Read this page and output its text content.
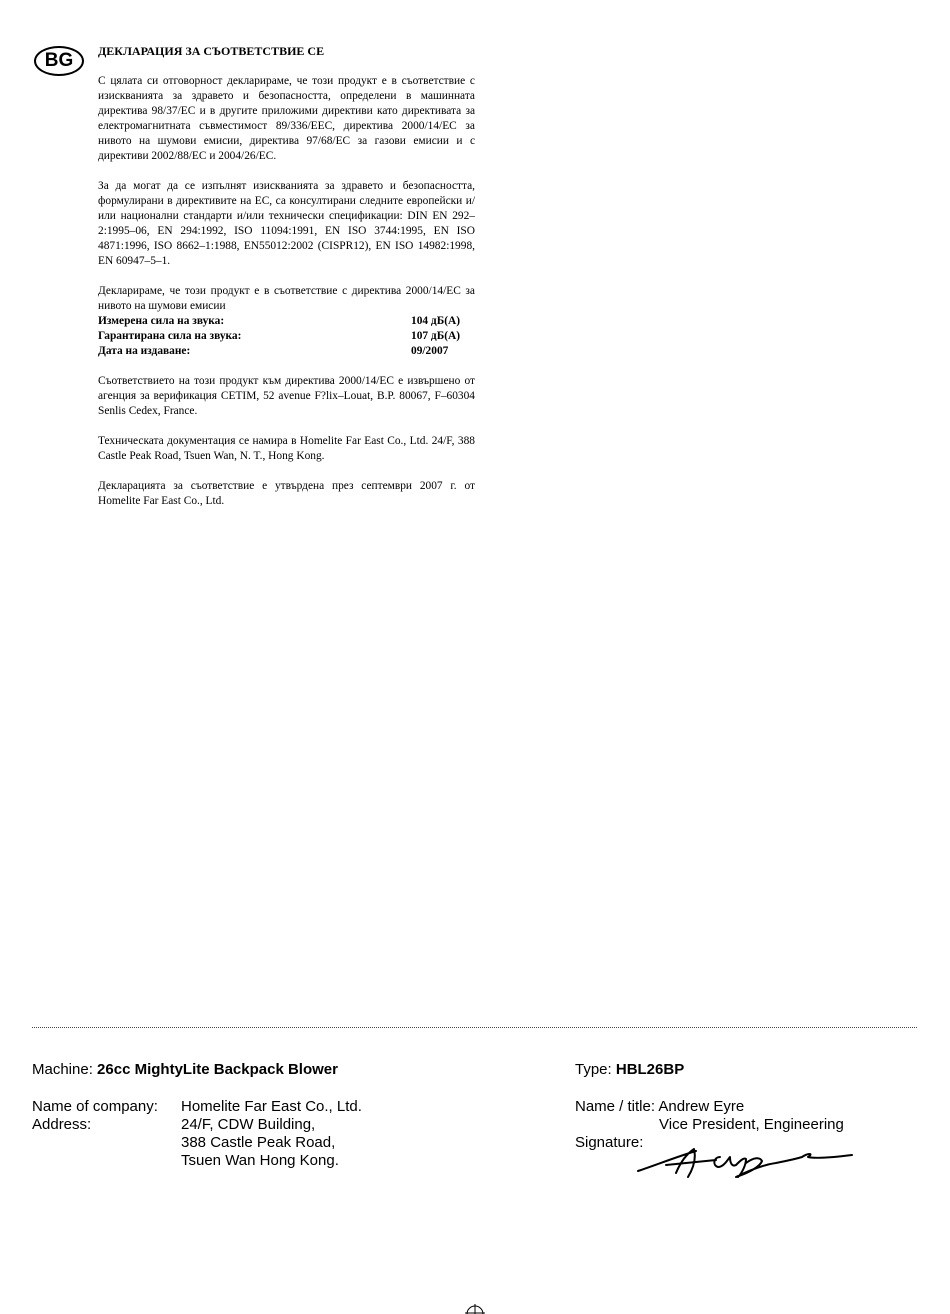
BG	ДЕКЛАРАЦИЯ ЗА СЪОТВЕТСТВИЕ CE

С цялата си отговорност декларираме, че този продукт е в съответствие с изискванията за здравето и безопасността, определени в машинната директива 98/37/EC и в другите приложими директиви като директивата за електромагнитната съвместимост 89/336/EEC, директива 2000/14/EC за нивото на шумови емисии, директива 97/68/EC за газови емисии и с директиви 2002/88/EC и 2004/26/EC.

За да могат да се изпълнят изискванията за здравето и безопасността, формулирани в директивите на ЕС, са консултирани следните европейски и/или национални стандарти и/или технически спецификации: DIN EN 292–2:1995–06, EN 294:1992, ISO 11094:1991, EN ISO 3744:1995, EN ISO 4871:1996, ISO 8662–1:1988, EN55012:2002 (CISPR12), EN ISO 14982:1998, EN 60947–5–1.

Декларираме, че този продукт е в съответствие с директива 2000/14/EC за нивото на шумови емисии

Измерена сила на звука:	104 дБ(A)
Гарантирана сила на звука:	107 дБ(A)
Дата на издаване:	09/2007

Съответствието на този продукт към директива 2000/14/EC е извършено от агенция за верификация CETIM, 52 avenue F?lix–Louat, B.P. 80067, F–60304 Senlis Cedex, France.

Техническата документация се намира в Homelite Far East Co., Ltd. 24/F, 388 Castle Peak Road, Tsuen Wan, N. T., Hong Kong.

Декларацията за съответствие е утвърдена през септември 2007 г. от Homelite Far East Co., Ltd.

Machine: 26cc MightyLite Backpack Blower	Type: HBL26BP
Name of company:	Homelite Far East Co., Ltd.
Address:	24/F, CDW Building,
388 Castle Peak Road,
Tsuen Wan Hong Kong.
Name / title: Andrew Eyre
Vice President, Engineering
Signature:
